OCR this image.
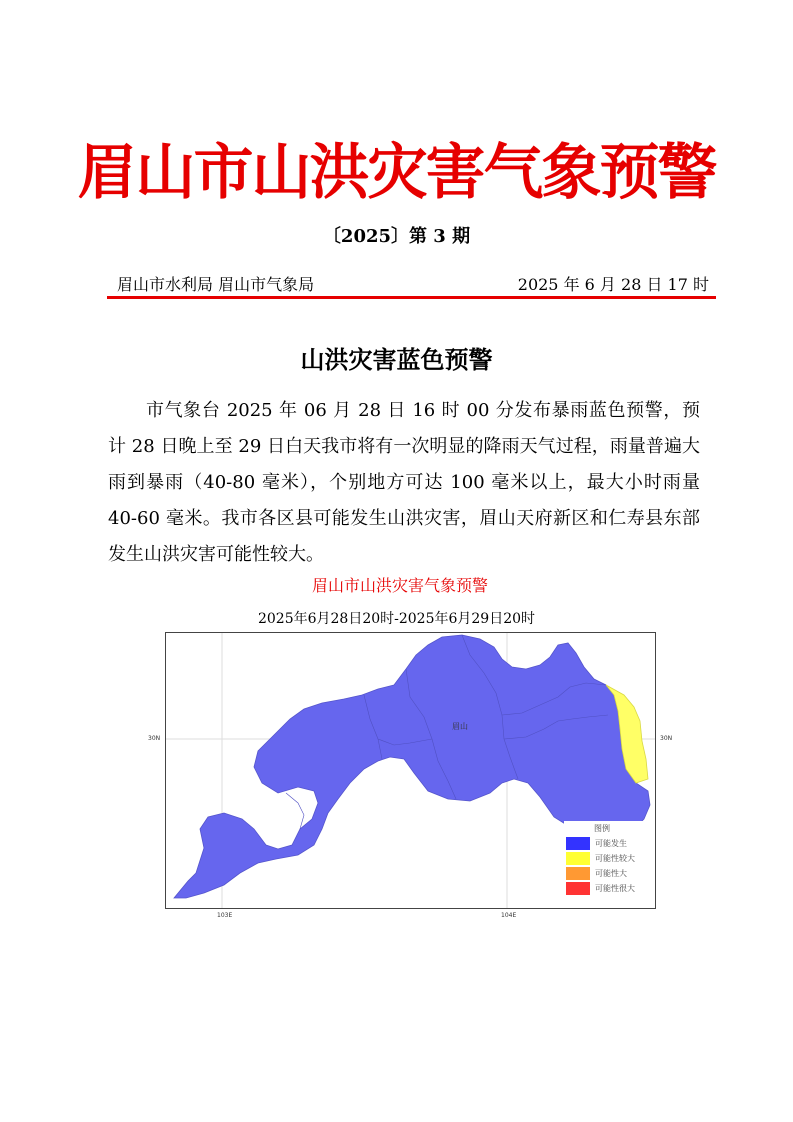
眉山市山洪灾害气象预警
〔2025〕第 3 期
眉山市水利局 眉山市气象局	2025 年 6 月 28 日 17 时
山洪灾害蓝色预警

市气象台 2025 年 06 月 28 日 16 时 00 分发布暴雨蓝色预警，预计 28 日晚上至 29 日白天我市将有一次明显的降雨天气过程，雨量普遍大雨到暴雨（40-80 毫米），个别地方可达 100 毫米以上，最大小时雨量 40-60 毫米。我市各区县可能发生山洪灾害，眉山天府新区和仁寿县东部发生山洪灾害可能性较大。

眉山市山洪灾害气象预警
2025年6月28日20时-2025年6月29日20时
眉山
30N	30N
103E	104E
图例
可能发生
可能性较大
可能性大
可能性很大
